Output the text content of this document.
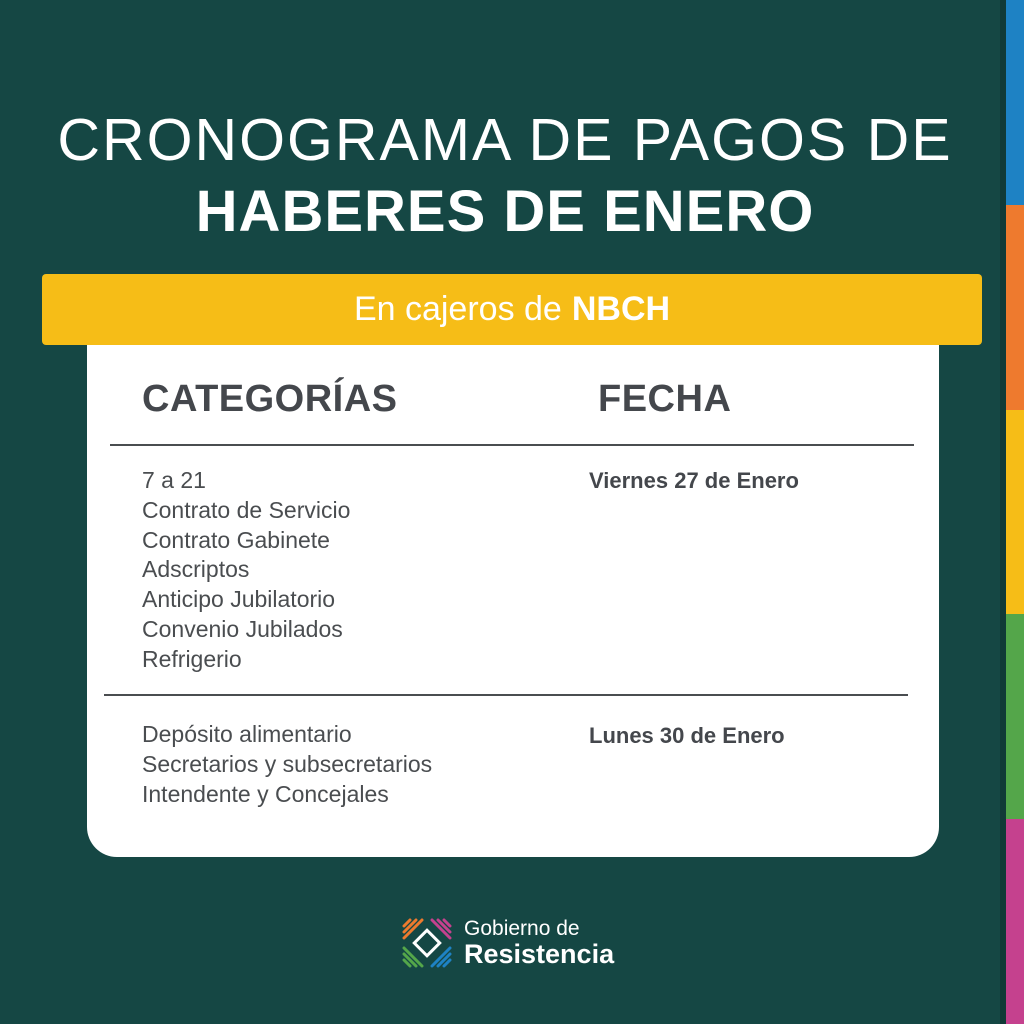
CRONOGRAMA DE PAGOS DE
HABERES DE ENERO
En cajeros de NBCH
CATEGORÍAS	FECHA
7 a 21
Contrato de Servicio
Contrato Gabinete
Adscriptos
Anticipo Jubilatorio
Convenio Jubilados
Refrigerio
Viernes 27 de Enero
Depósito alimentario
Secretarios y subsecretarios
Intendente y Concejales
Lunes 30 de Enero
Gobierno de
Resistencia
